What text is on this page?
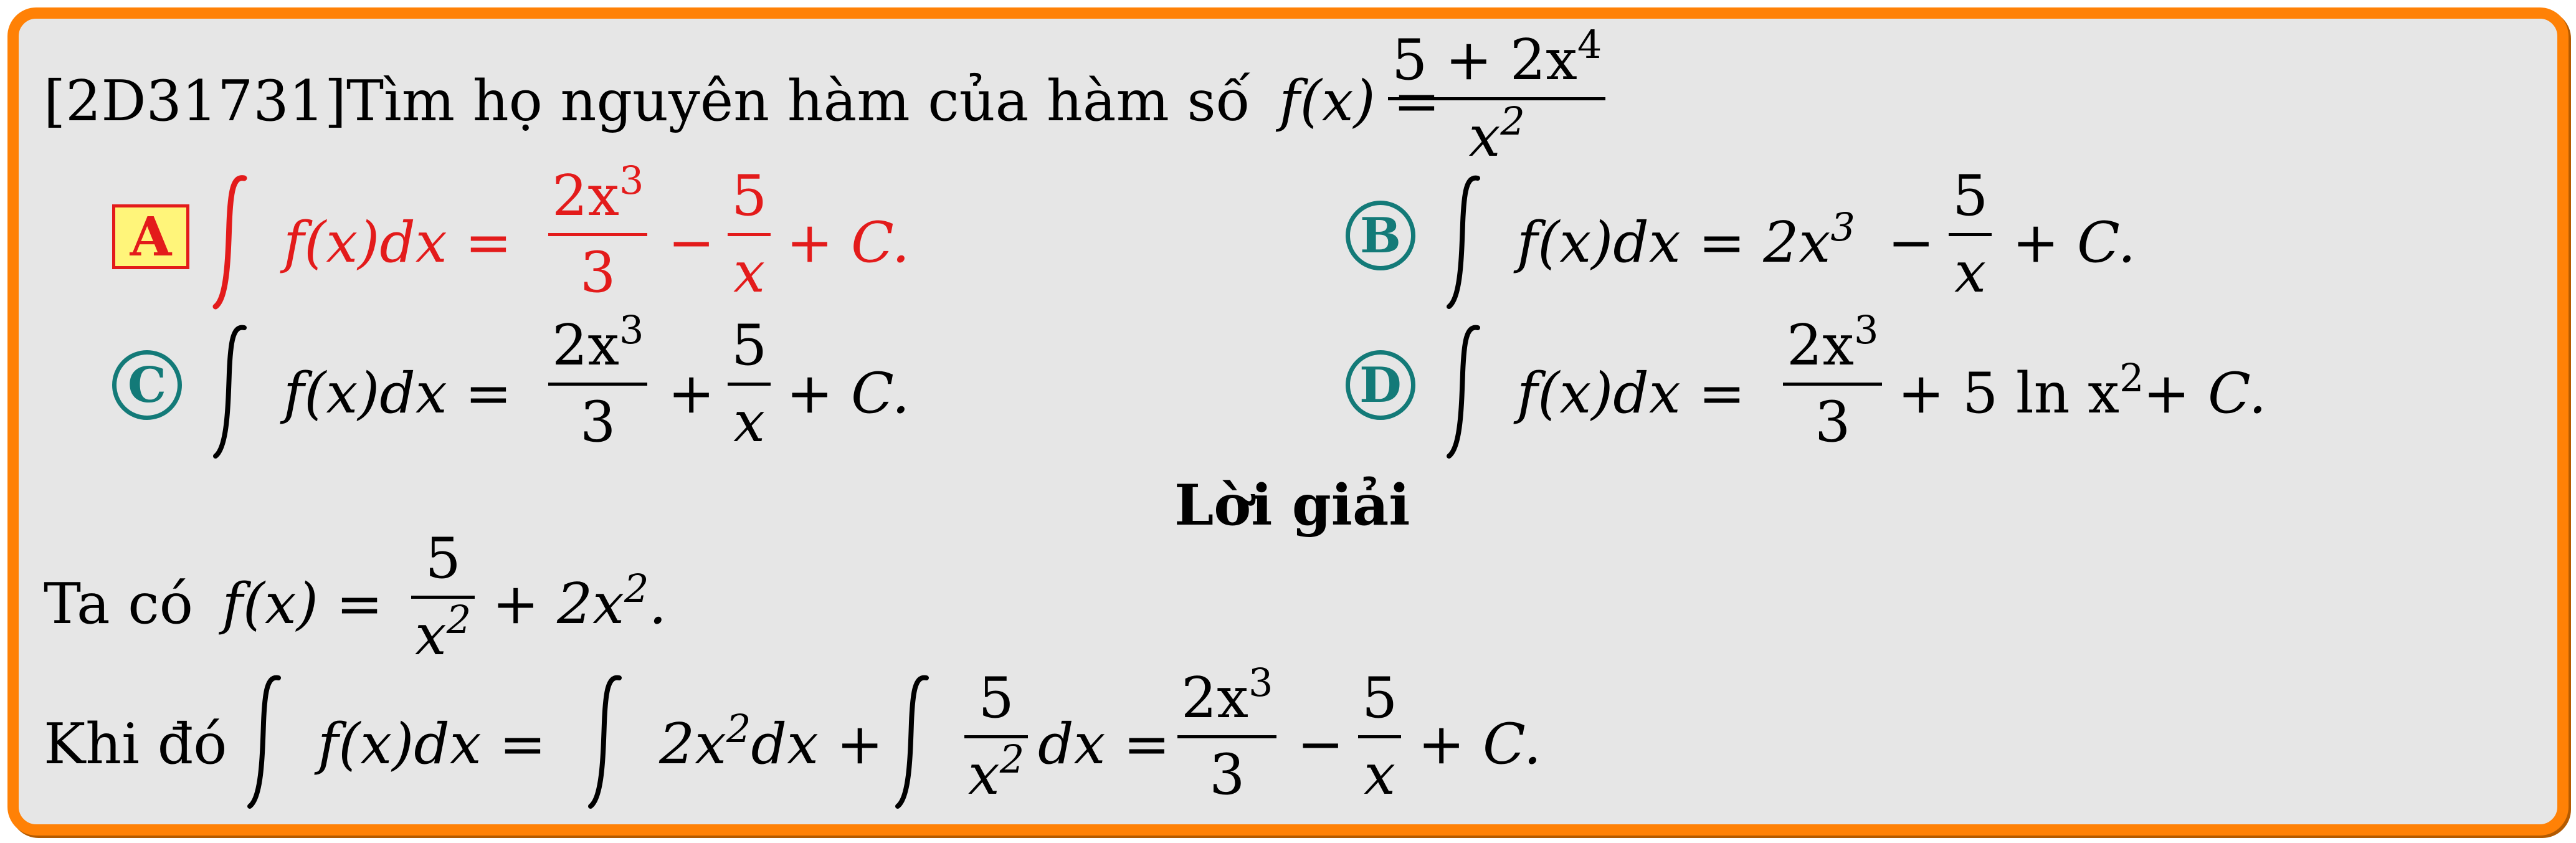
[2D31731]Tìm họ nguyên hàm của hàm số f(x) =
$5 + 2x^4$
$x^2$
A f(x)dx =
$2x^3$
3 −
5
x + C.	B $f(x)dx = 2x^3$ −
5
x + C.
C f(x)dx =
$2x^3$
3 +
5
x + C.	D f(x)dx =
$2x^3$
3 + 5 $\ln x^2$
+ C.
Lời giải
Ta có f(x) =
5
$x^2 + 2x^2$.
Khi đó $f(x)dx = 2x^2dx$ +
5
$x^2$ dx =
$2x^3$
3 −
5
x + C.
